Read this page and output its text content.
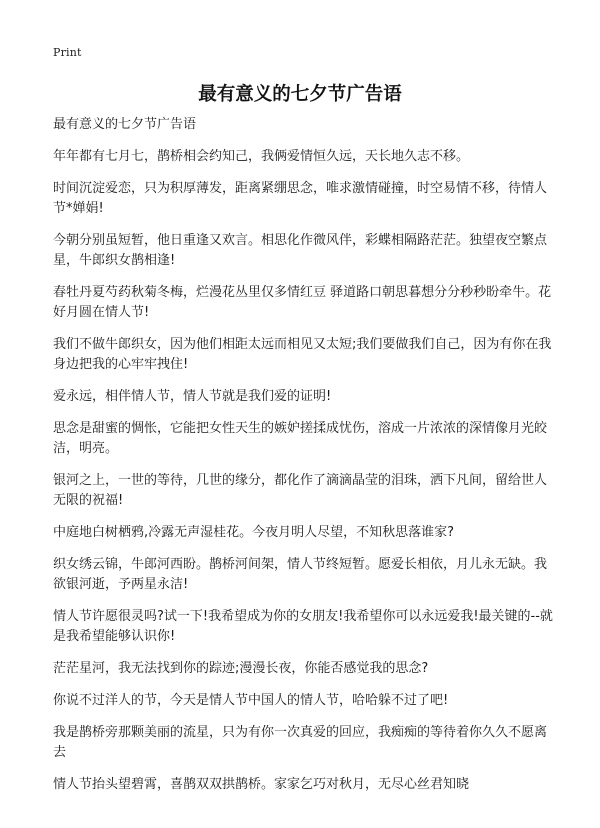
Print
最有意义的七夕节广告语

最有意义的七夕节广告语

年年都有七月七，鹊桥相会约知己，我俩爱情恒久远，天长地久志不移。

时间沉淀爱恋，只为积厚薄发，距离紧绷思念，唯求激情碰撞，时空易情不移，待情人节*婵娟!

今朝分别虽短暂，他日重逢又欢言。相思化作微风伴，彩蝶相隔路茫茫。独望夜空繁点星，牛郎织女鹊相逢!

春牡丹夏芍药秋菊冬梅，烂漫花丛里仅多情红豆 驿道路口朝思暮想分分秒秒盼牵牛。花好月圆在情人节!

我们不做牛郎织女，因为他们相距太远而相见又太短;我们要做我们自己，因为有你在我身边把我的心牢牢拽住!

爱永远，相伴情人节，情人节就是我们爱的证明!

思念是甜蜜的惆怅，它能把女性天生的嫉妒搓揉成忧伤，溶成一片浓浓的深情像月光皎洁，明亮。

银河之上，一世的等待，几世的缘分，都化作了滴滴晶莹的泪珠，洒下凡间，留给世人无限的祝福!

中庭地白树栖鸦,冷露无声湿桂花。今夜月明人尽望，不知秋思落谁家?

织女绣云锦，牛郎河西盼。鹊桥河间架，情人节终短暂。愿爱长相依，月儿永无缺。我欲银河逝，予两星永洁!

情人节许愿很灵吗?试一下!我希望成为你的女朋友!我希望你可以永远爱我!最关键的--就是我希望能够认识你!

茫茫星河，我无法找到你的踪迹;漫漫长夜，你能否感觉我的思念?

你说不过洋人的节，今天是情人节中国人的情人节，哈哈躲不过了吧!

我是鹊桥旁那颗美丽的流星，只为有你一次真爱的回应，我痴痴的等待着你久久不愿离去

情人节抬头望碧霄，喜鹊双双拱鹊桥。家家乞巧对秋月，无尽心丝君知晓
